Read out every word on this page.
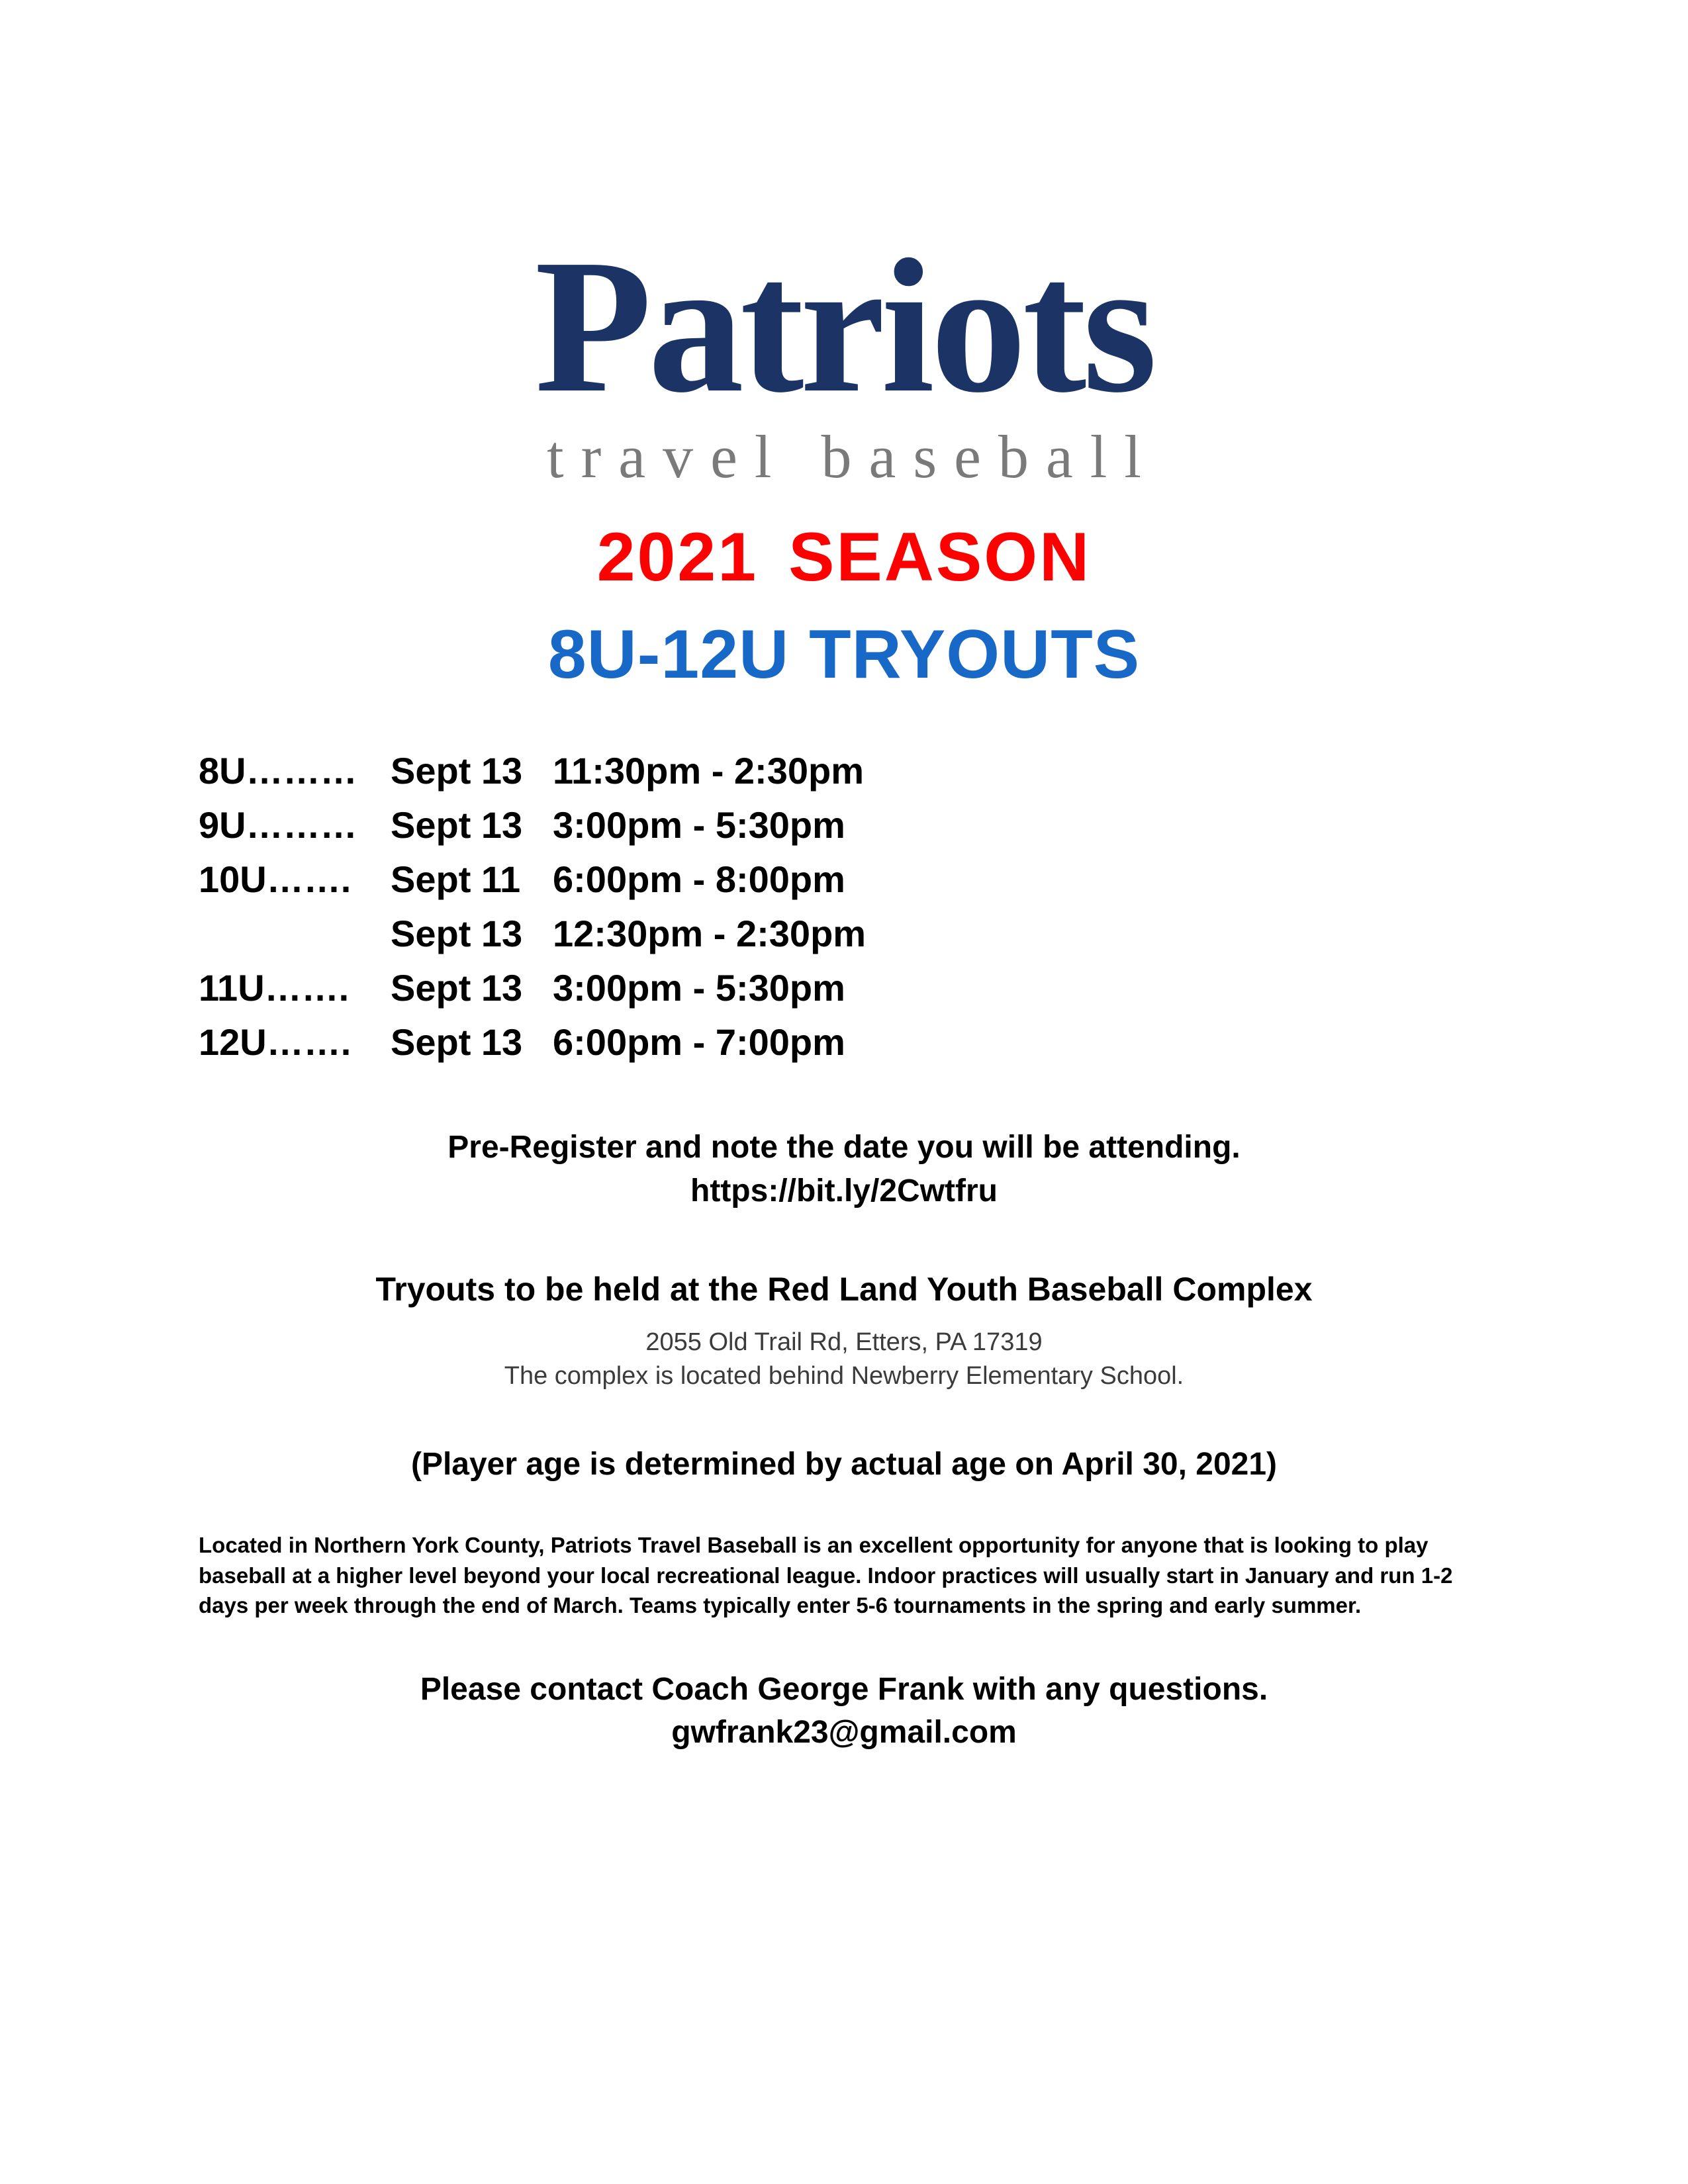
Patriots
travel baseball
2021 SEASON
8U-12U TRYOUTS
8U……… Sept 13 11:30pm - 2:30pm
9U……… Sept 13 3:00pm - 5:30pm
10U…….	Sept 11 6:00pm - 8:00pm
Sept 13 12:30pm - 2:30pm
11U…….	Sept 13 3:00pm - 5:30pm
12U…….	Sept 13 6:00pm - 7:00pm
Pre-Register and note the date you will be attending.
https://bit.ly/2Cwtfru
Tryouts to be held at the Red Land Youth Baseball Complex
2055 Old Trail Rd, Etters, PA 17319
The complex is located behind Newberry Elementary School.
(Player age is determined by actual age on April 30, 2021)
Located in Northern York County, Patriots Travel Baseball is an excellent opportunity for anyone that is looking to play baseball at a higher level beyond your local recreational league. Indoor practices will usually start in January and run 1-2 days per week through the end of March. Teams typically enter 5-6 tournaments in the spring and early summer.
Please contact Coach George Frank with any questions.
gwfrank23@gmail.com
